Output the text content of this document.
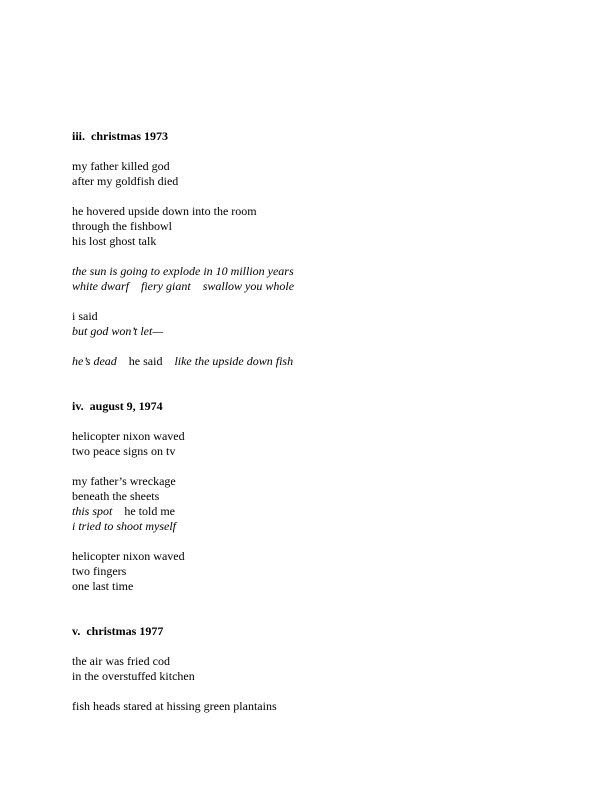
iii.  christmas 1973
my father killed god
after my goldfish died
he hovered upside down into the room
through the fishbowl
his lost ghost talk
the sun is going to explode in 10 million years
white dwarf fiery giant swallow you whole
i said
but god won’t let—
he’s dead he said like the upside down fish
iv.  august 9, 1974
helicopter nixon waved
two peace signs on tv
my father’s wreckage
beneath the sheets
this spot he told me
i tried to shoot myself
helicopter nixon waved
two fingers
one last time
v.  christmas 1977
the air was fried cod
in the overstuffed kitchen
fish heads stared at hissing green plantains
